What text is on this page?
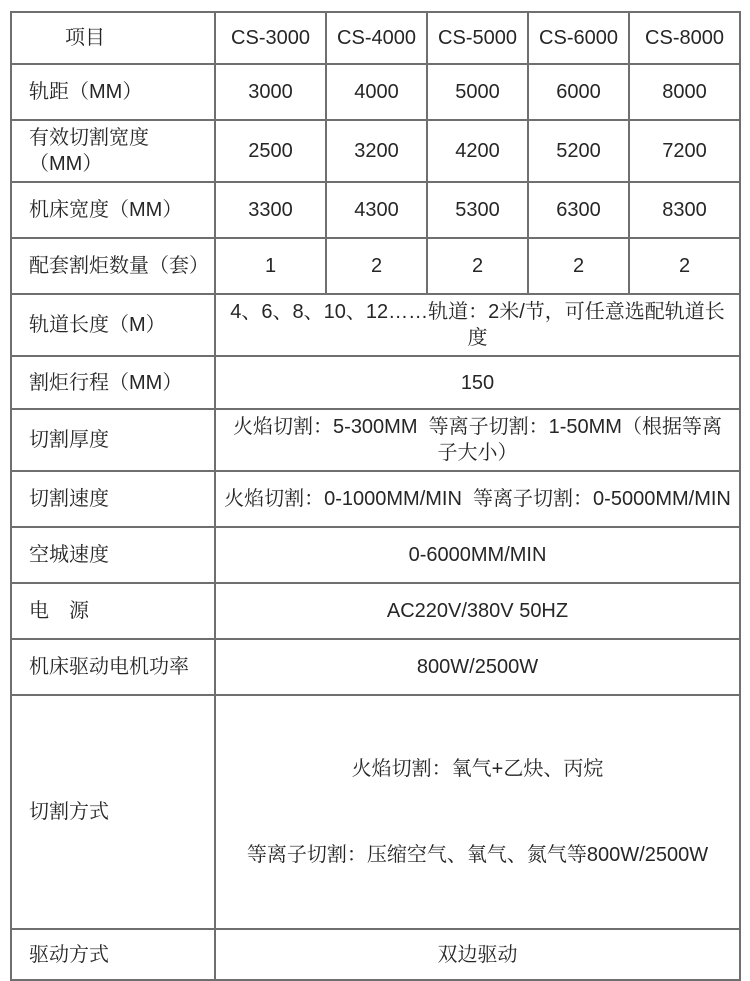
项目	CS-3000	CS-4000	CS-5000	CS-6000	CS-8000
轨距（MM）	3000	4000	5000	6000	8000
有效切割宽度（MM）	2500	3200	4200	5200	7200
机床宽度（MM）	3300	4300	5300	6300	8300
配套割炬数量（套）	1	2	2	2	2
轨道长度（M）	4、6、8、10、12……轨道：2米/节，可任意选配轨道长度				
割炬行程（MM）	150				
切割厚度	火焰切割：5-300MM  等离子切割：1-50MM（根据等离子大小）				
切割速度	火焰切割：0-1000MM/MIN  等离子切割：0-5000MM/MIN				
空城速度	0-6000MM/MIN				
电　源	AC220V/380V 50HZ				
机床驱动电机功率	800W/2500W				
切割方式	火焰切割：氧气+乙炔、丙烷

等离子切割：压缩空气、氧气、氮气等800W/2500W				

驱动方式	双边驱动				
